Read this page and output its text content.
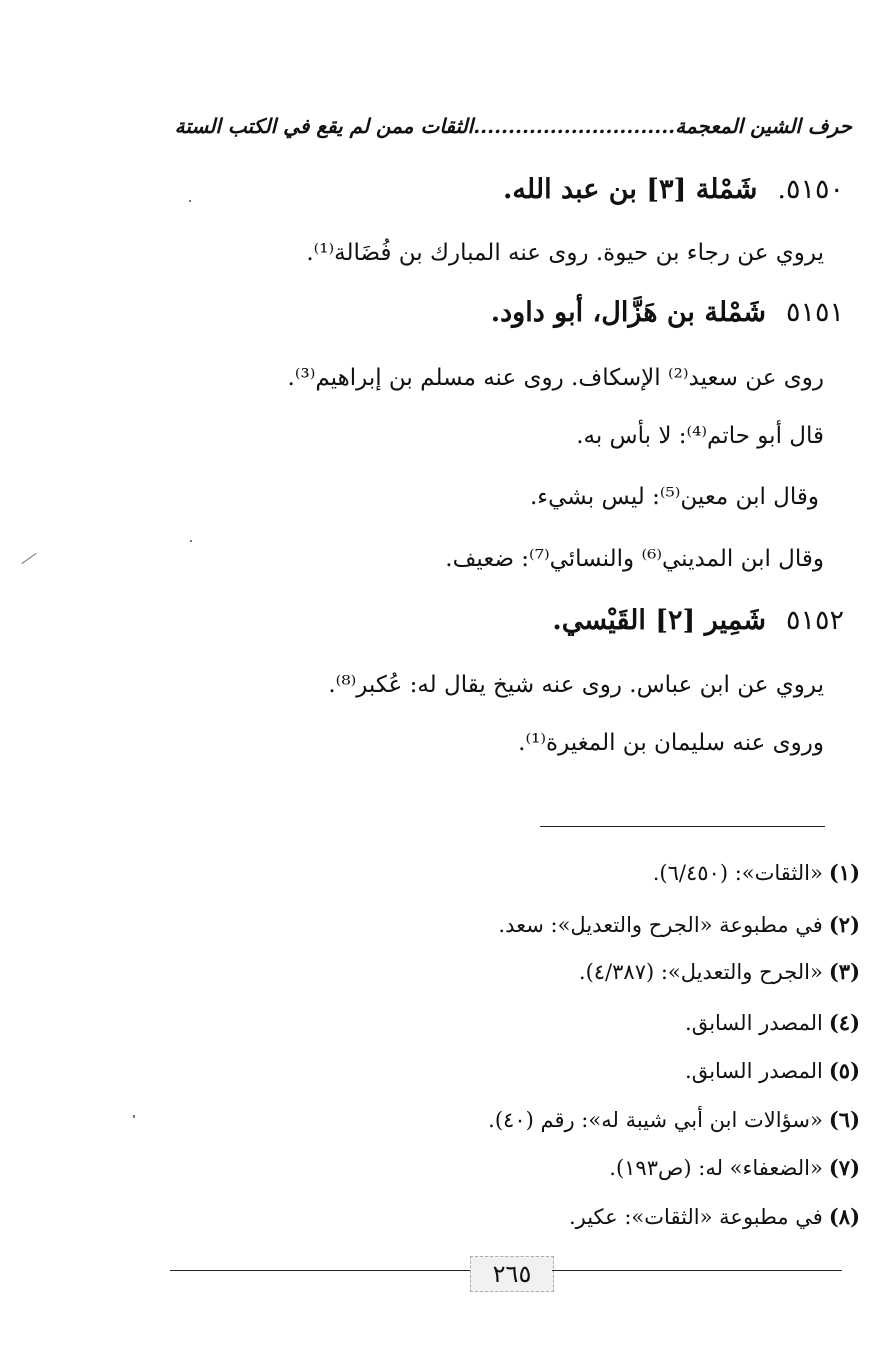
حرف الشين المعجمة.............................الثقات ممن لم يقع في الكتب الستة
٥١٥٠.شَمْلة [٣] بن عبد الله.
يروي عن رجاء بن حيوة. روى عنه المبارك بن فُضَالة⁽¹⁾.
٥١٥١شَمْلة بن هَزَّال، أبو داود.
روى عن سعيد⁽²⁾ الإسكاف. روى عنه مسلم بن إبراهيم⁽³⁾.
قال أبو حاتم⁽⁴⁾: لا بأس به.
وقال ابن معين⁽⁵⁾: ليس بشيء.
وقال ابن المديني⁽⁶⁾ والنسائي⁽⁷⁾: ضعيف.
٥١٥٢شَمِير [٢] القَيْسي.
يروي عن ابن عباس. روى عنه شيخ يقال له: عُكبر⁽⁸⁾.
وروى عنه سليمان بن المغيرة⁽¹⁾.
(١)«الثقات»: (٦/٤٥٠).
(٢)في مطبوعة «الجرح والتعديل»: سعد.
(٣)«الجرح والتعديل»: (٤/٣٨٧).
(٤)المصدر السابق.
(٥)المصدر السابق.
(٦)«سؤالات ابن أبي شيبة له»: رقم (٤٠).
(٧)«الضعفاء» له: (ص١٩٣).
(٨)في مطبوعة «الثقات»: عكير.
٢٦٥
